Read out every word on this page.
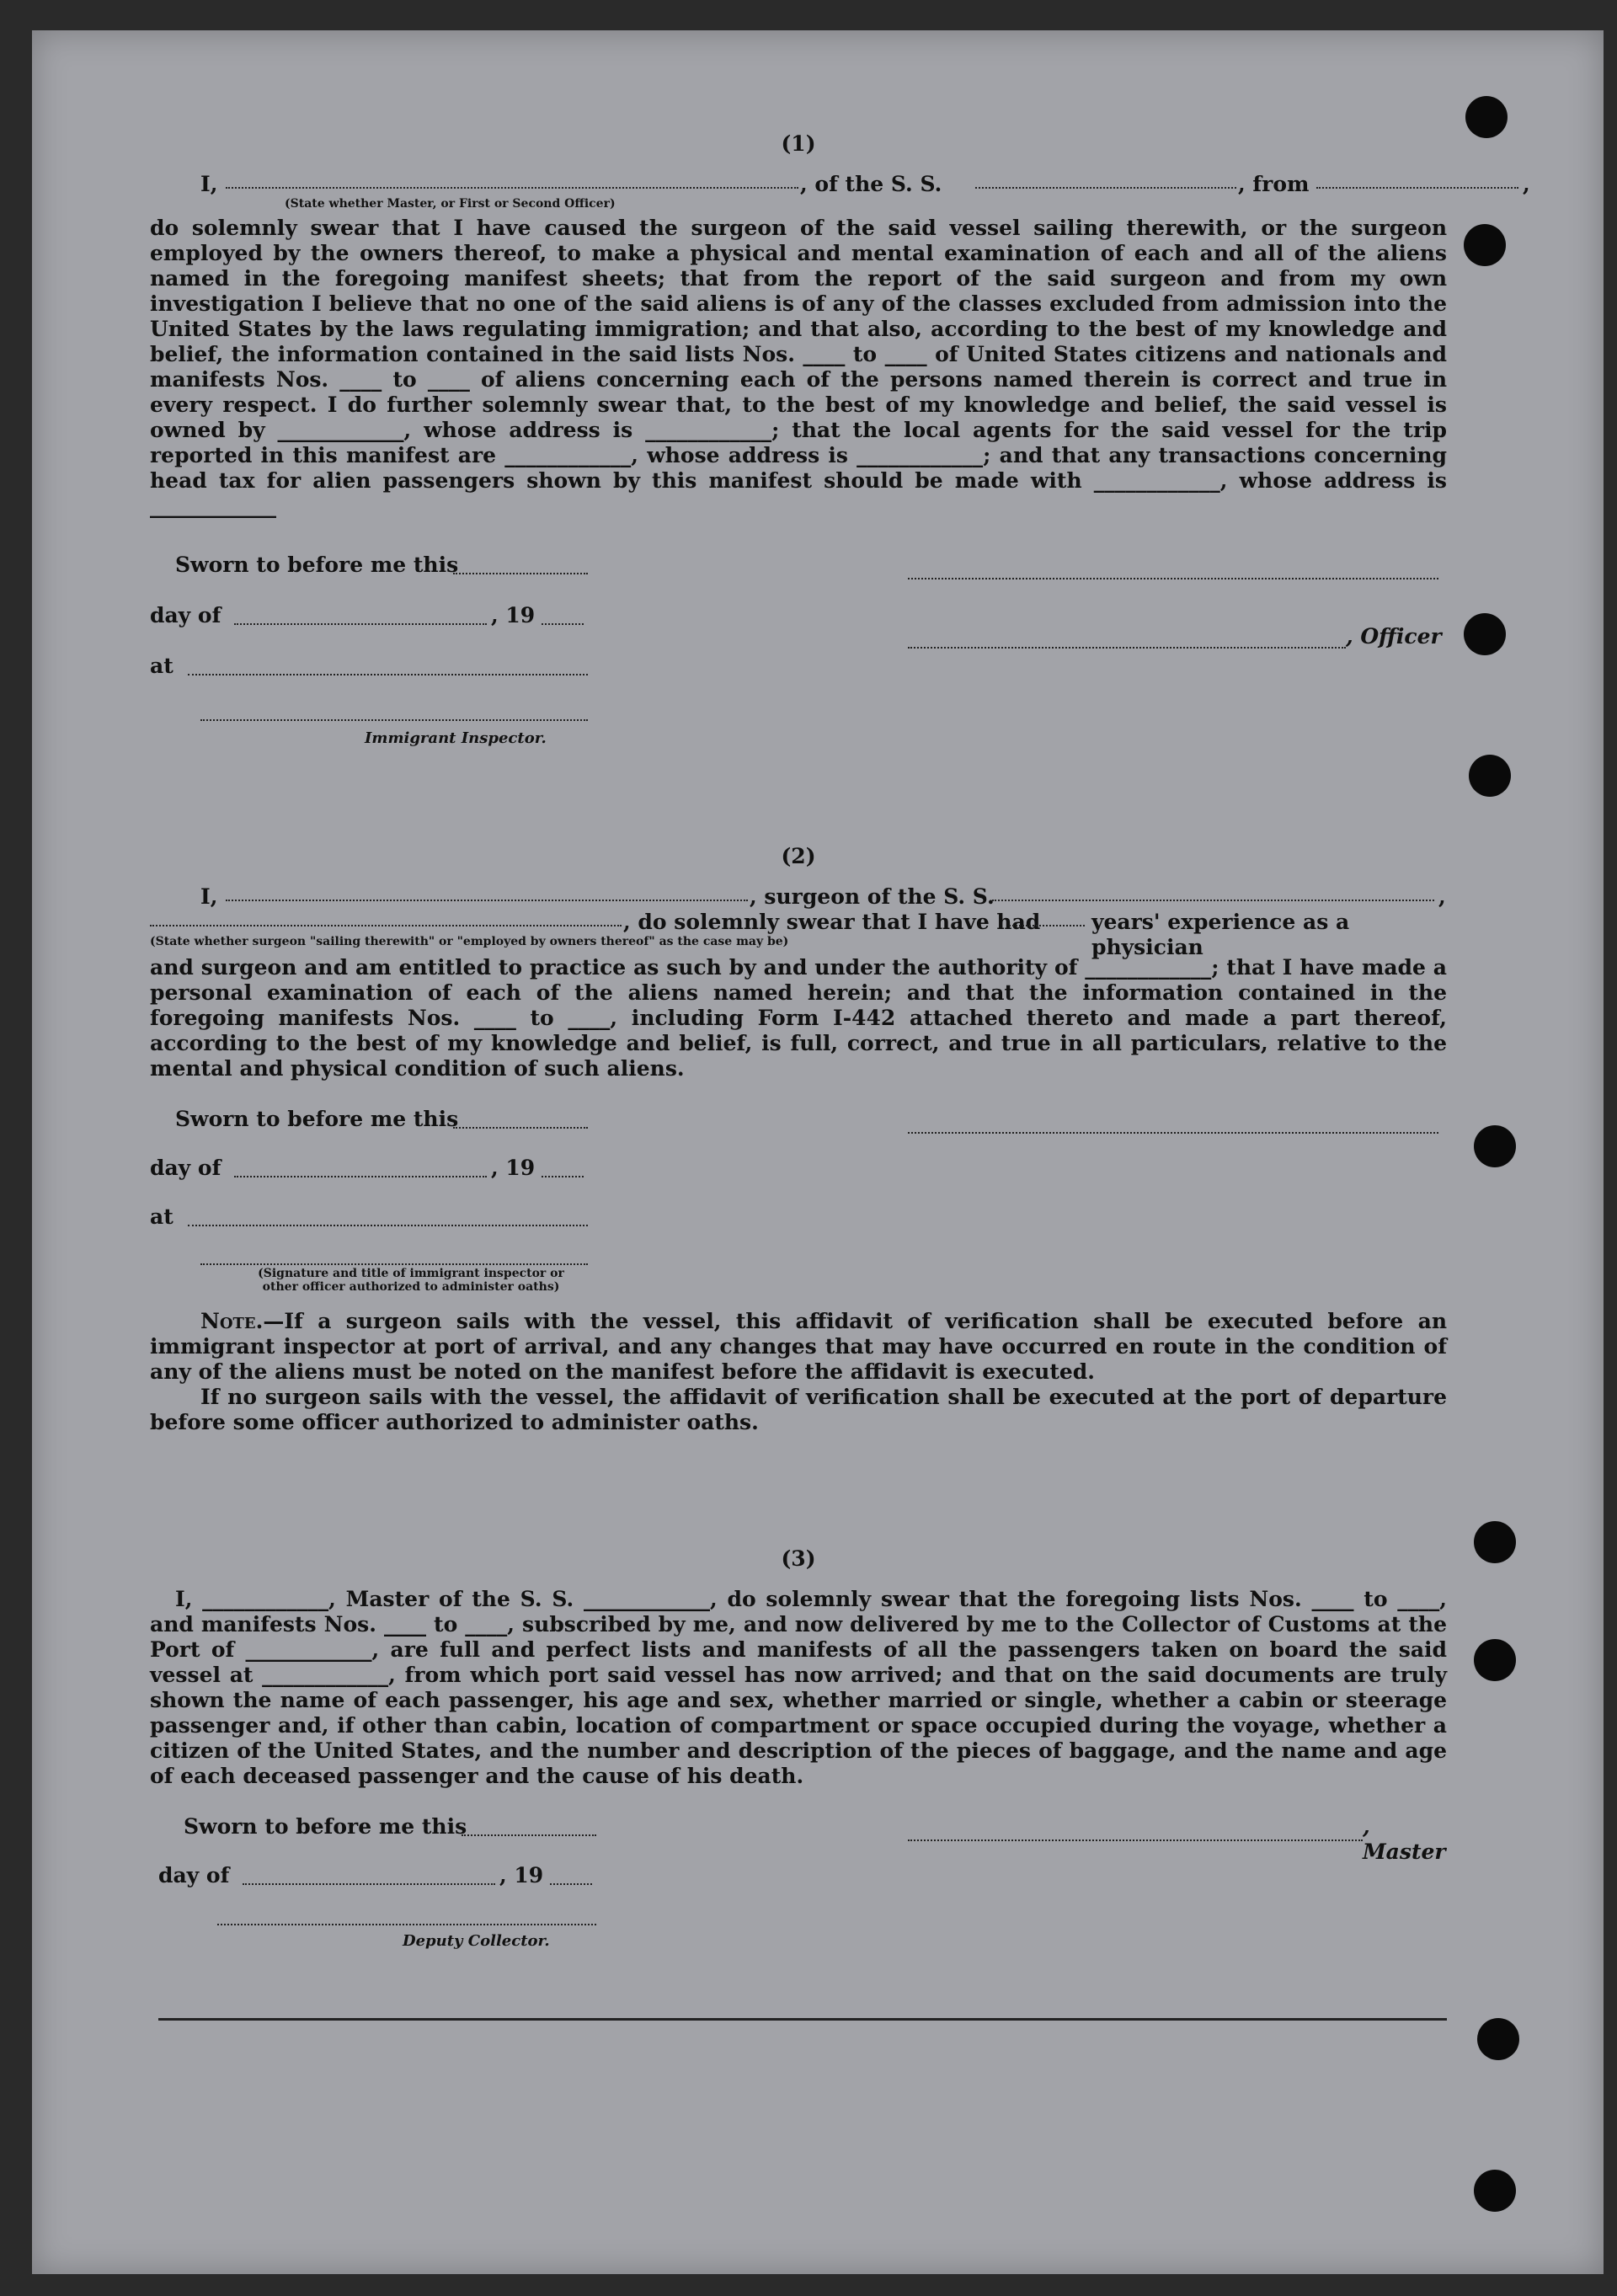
(1)
I,	, of the S. S.	, from	,
(State whether Master, or First or Second Officer)

do solemnly swear that I have caused the surgeon of the said vessel sailing therewith, or the surgeon employed by the owners thereof, to make a physical and mental examination of each and all of the aliens named in the foregoing manifest sheets; that from the report of the said surgeon and from my own investigation I believe that no one of the said aliens is of any of the classes excluded from admission into the United States by the laws regulating immigration; and that also, according to the best of my knowledge and belief, the information contained in the said lists Nos. ____ to ____ of United States citizens and nationals and manifests Nos. ____ to ____ of aliens concerning each of the persons named therein is correct and true in every respect. I do further solemnly swear that, to the best of my knowledge and belief, the said vessel is owned by ____________, whose address is ____________; that the local agents for the said vessel for the trip reported in this manifest are ____________, whose address is ____________; and that any transactions concerning head tax for alien passengers shown by this manifest should be made with ____________, whose address is ____________

Sworn to before me this
day of	, 19
, Officer
at
Immigrant Inspector.
(2)
I,	, surgeon of the S. S.	,
, do solemnly swear that I have had years' experience as a physician
(State whether surgeon "sailing therewith" or "employed by owners thereof" as the case may be)

and surgeon and am entitled to practice as such by and under the authority of ____________; that I have made a personal examination of each of the aliens named herein; and that the information contained in the foregoing manifests Nos. ____ to ____, including Form I-442 attached thereto and made a part thereof, according to the best of my knowledge and belief, is full, correct, and true in all particulars, relative to the mental and physical condition of such aliens.

Sworn to before me this
day of	, 19
at
(Signature and title of immigrant inspector or other officer authorized to administer oaths)

Note.—If a surgeon sails with the vessel, this affidavit of verification shall be executed before an immigrant inspector at port of arrival, and any changes that may have occurred en route in the condition of any of the aliens must be noted on the manifest before the affidavit is executed.

If no surgeon sails with the vessel, the affidavit of verification shall be executed at the port of departure before some officer authorized to administer oaths.

(3)

I, ____________, Master of the S. S. ____________, do solemnly swear that the foregoing lists Nos. ____ to ____, and manifests Nos. ____ to ____, subscribed by me, and now delivered by me to the Collector of Customs at the Port of ____________, are full and perfect lists and manifests of all the passengers taken on board the said vessel at ____________, from which port said vessel has now arrived; and that on the said documents are truly shown the name of each passenger, his age and sex, whether married or single, whether a cabin or steerage passenger and, if other than cabin, location of compartment or space occupied during the voyage, whether a citizen of the United States, and the number and description of the pieces of baggage, and the name and age of each deceased passenger and the cause of his death.

Sworn to before me this	, Master
day of	, 19
Deputy Collector.
